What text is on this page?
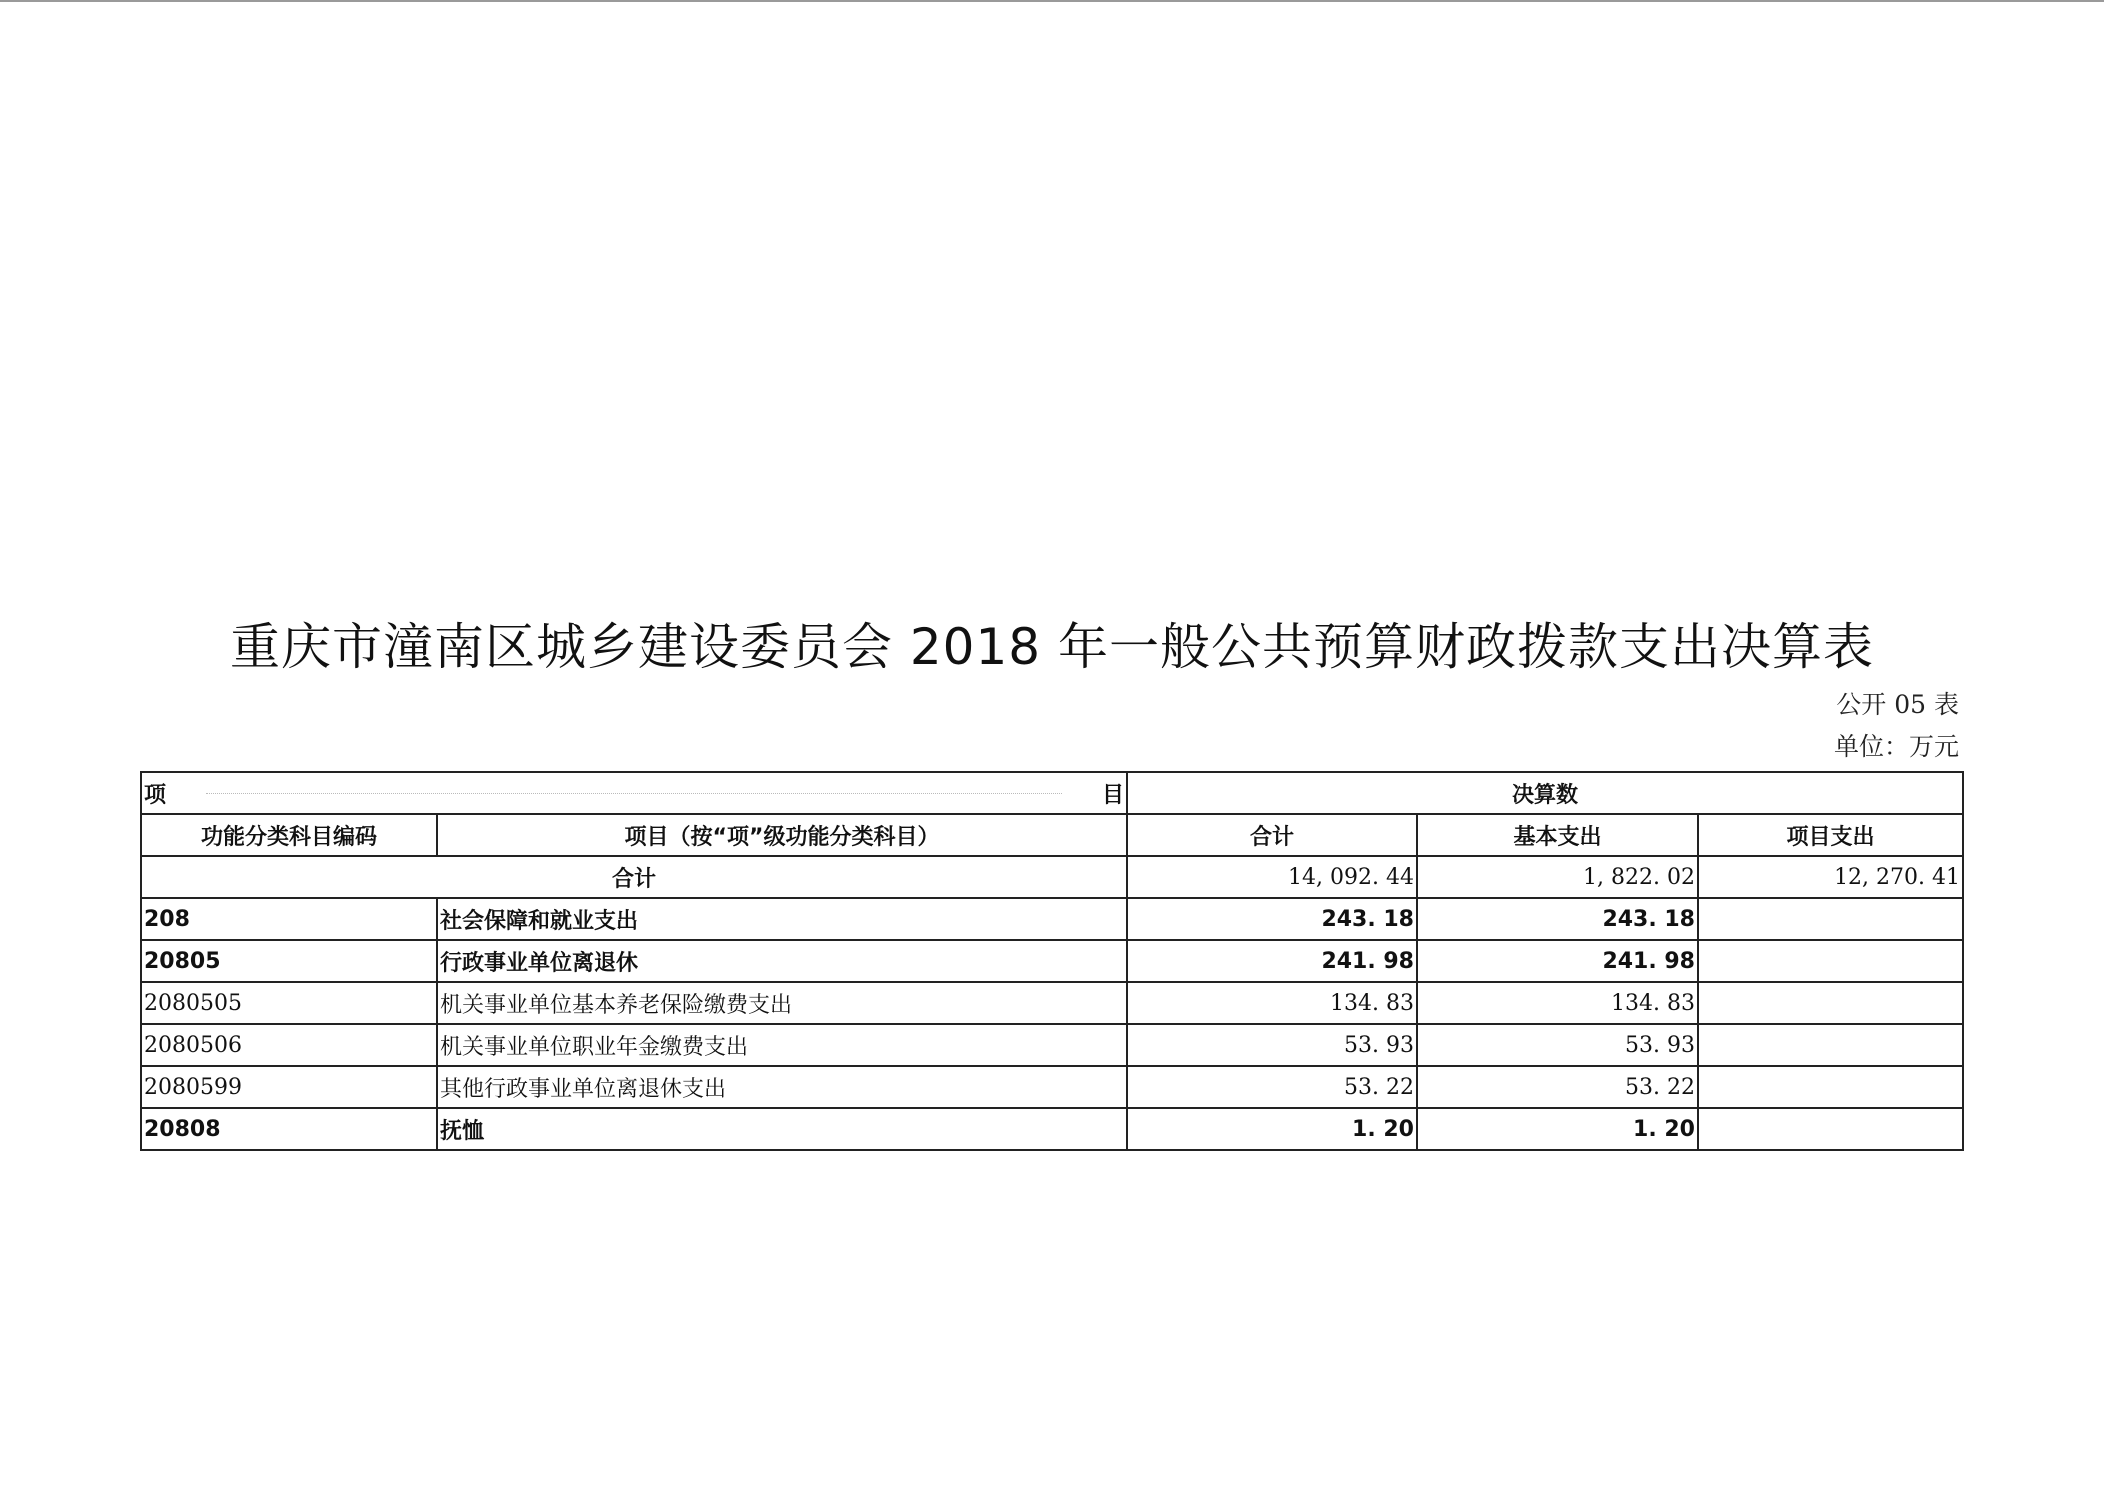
重庆市潼南区城乡建设委员会 2018 年一般公共预算财政拨款支出决算表
公开 05 表
单位：万元
项 目		决算数		
功能分类科目编码	项目（按“项”级功能分类科目）	合计	基本支出	项目支出
合计		14, 092. 44	1, 822. 02	12, 270. 41
208	社会保障和就业支出	243. 18	243. 18	
20805	行政事业单位离退休	241. 98	241. 98	
2080505	机关事业单位基本养老保险缴费支出	134. 83	134. 83	
2080506	机关事业单位职业年金缴费支出	53. 93	53. 93	
2080599	其他行政事业单位离退休支出	53. 22	53. 22	
20808	抚恤	1. 20	1. 20	
